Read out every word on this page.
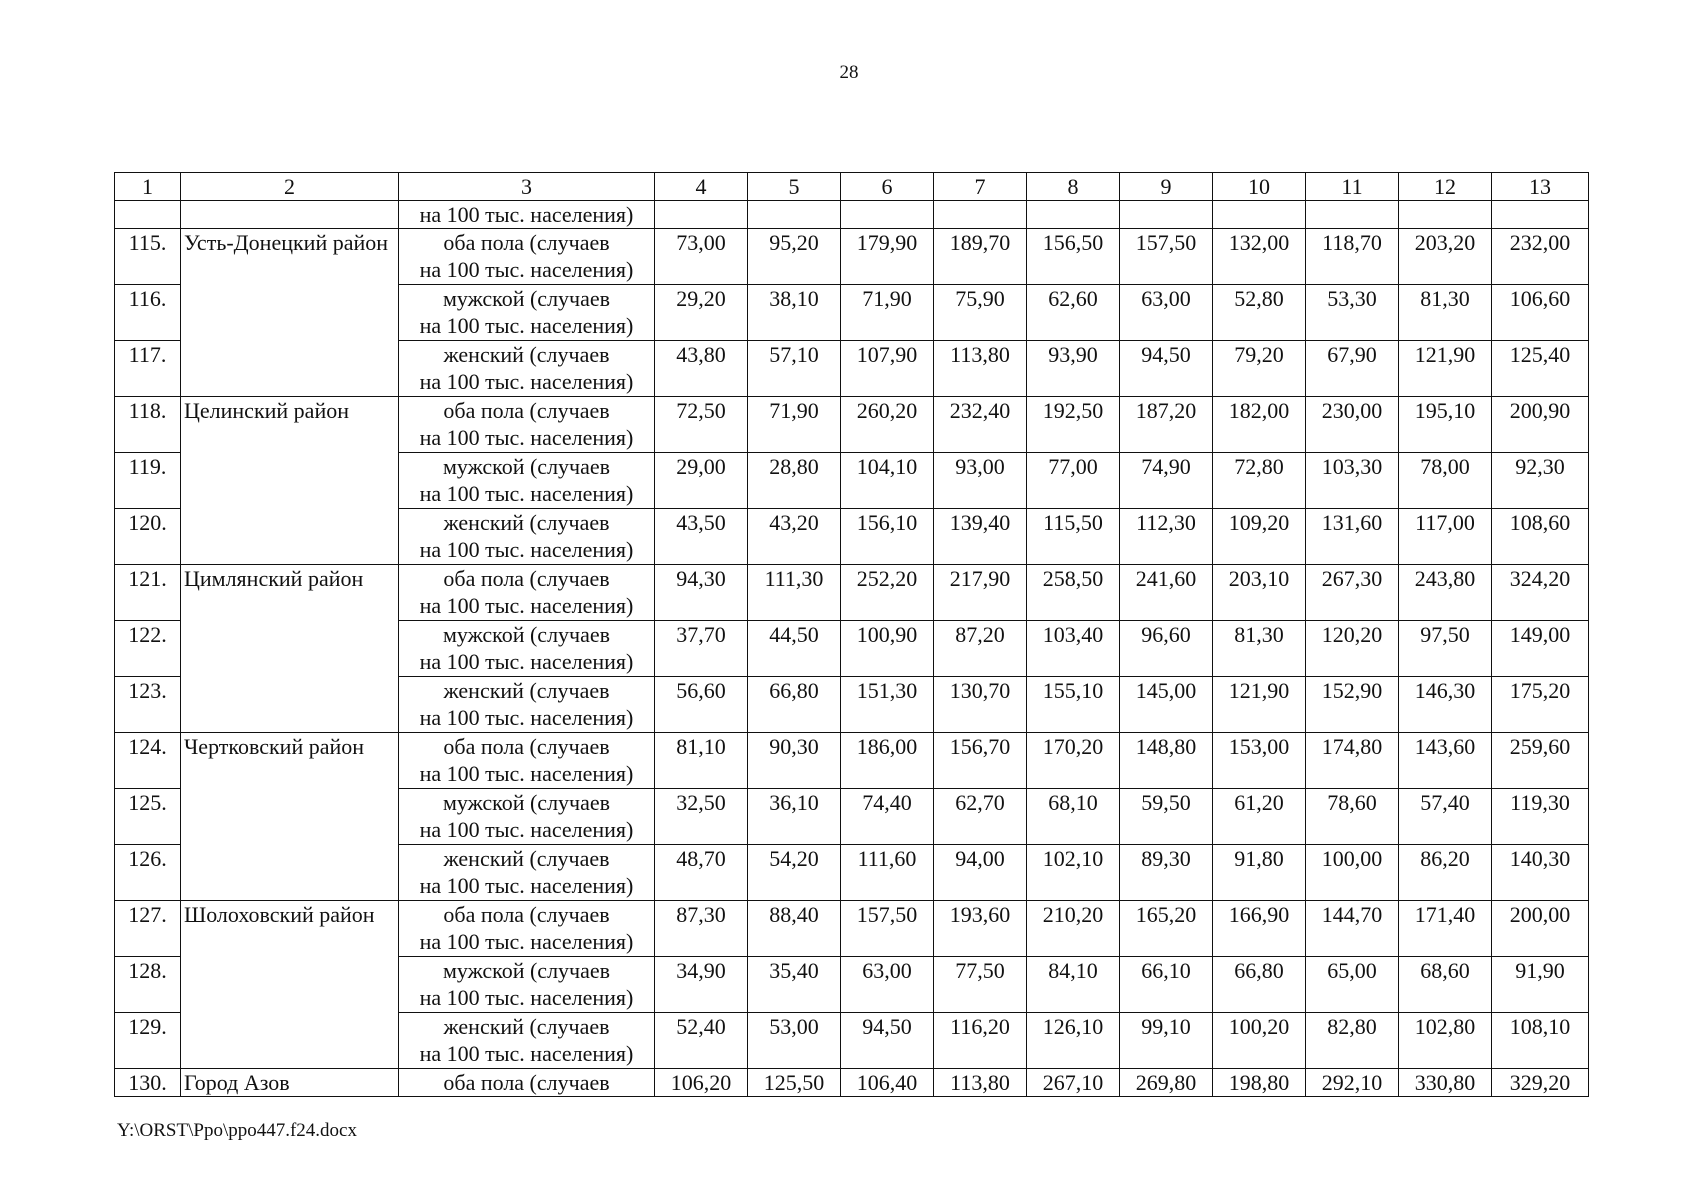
28
1	2	3	4	5	6	7	8	9	10	11	12	13
		на 100 тыс. населения)										
115.	Усть-Донецкий район	оба пола (случаев
на 100 тыс. населения)	73,00	95,20	179,90	189,70	156,50	157,50	132,00	118,70	203,20	232,00
116.		мужской (случаев
на 100 тыс. населения)	29,20	38,10	71,90	75,90	62,60	63,00	52,80	53,30	81,30	106,60
117.		женский (случаев
на 100 тыс. населения)	43,80	57,10	107,90	113,80	93,90	94,50	79,20	67,90	121,90	125,40
118.	Целинский район	оба пола (случаев
на 100 тыс. населения)	72,50	71,90	260,20	232,40	192,50	187,20	182,00	230,00	195,10	200,90
119.		мужской (случаев
на 100 тыс. населения)	29,00	28,80	104,10	93,00	77,00	74,90	72,80	103,30	78,00	92,30
120.		женский (случаев
на 100 тыс. населения)	43,50	43,20	156,10	139,40	115,50	112,30	109,20	131,60	117,00	108,60
121.	Цимлянский район	оба пола (случаев
на 100 тыс. населения)	94,30	111,30	252,20	217,90	258,50	241,60	203,10	267,30	243,80	324,20
122.		мужской (случаев
на 100 тыс. населения)	37,70	44,50	100,90	87,20	103,40	96,60	81,30	120,20	97,50	149,00
123.		женский (случаев
на 100 тыс. населения)	56,60	66,80	151,30	130,70	155,10	145,00	121,90	152,90	146,30	175,20
124.	Чертковский район	оба пола (случаев
на 100 тыс. населения)	81,10	90,30	186,00	156,70	170,20	148,80	153,00	174,80	143,60	259,60
125.		мужской (случаев
на 100 тыс. населения)	32,50	36,10	74,40	62,70	68,10	59,50	61,20	78,60	57,40	119,30
126.		женский (случаев
на 100 тыс. населения)	48,70	54,20	111,60	94,00	102,10	89,30	91,80	100,00	86,20	140,30
127.	Шолоховский район	оба пола (случаев
на 100 тыс. населения)	87,30	88,40	157,50	193,60	210,20	165,20	166,90	144,70	171,40	200,00
128.		мужской (случаев
на 100 тыс. населения)	34,90	35,40	63,00	77,50	84,10	66,10	66,80	65,00	68,60	91,90
129.		женский (случаев
на 100 тыс. населения)	52,40	53,00	94,50	116,20	126,10	99,10	100,20	82,80	102,80	108,10
130.	Город Азов	оба пола (случаев	106,20	125,50	106,40	113,80	267,10	269,80	198,80	292,10	330,80	329,20
Y:\ORST\Ppo\ppo447.f24.docx
